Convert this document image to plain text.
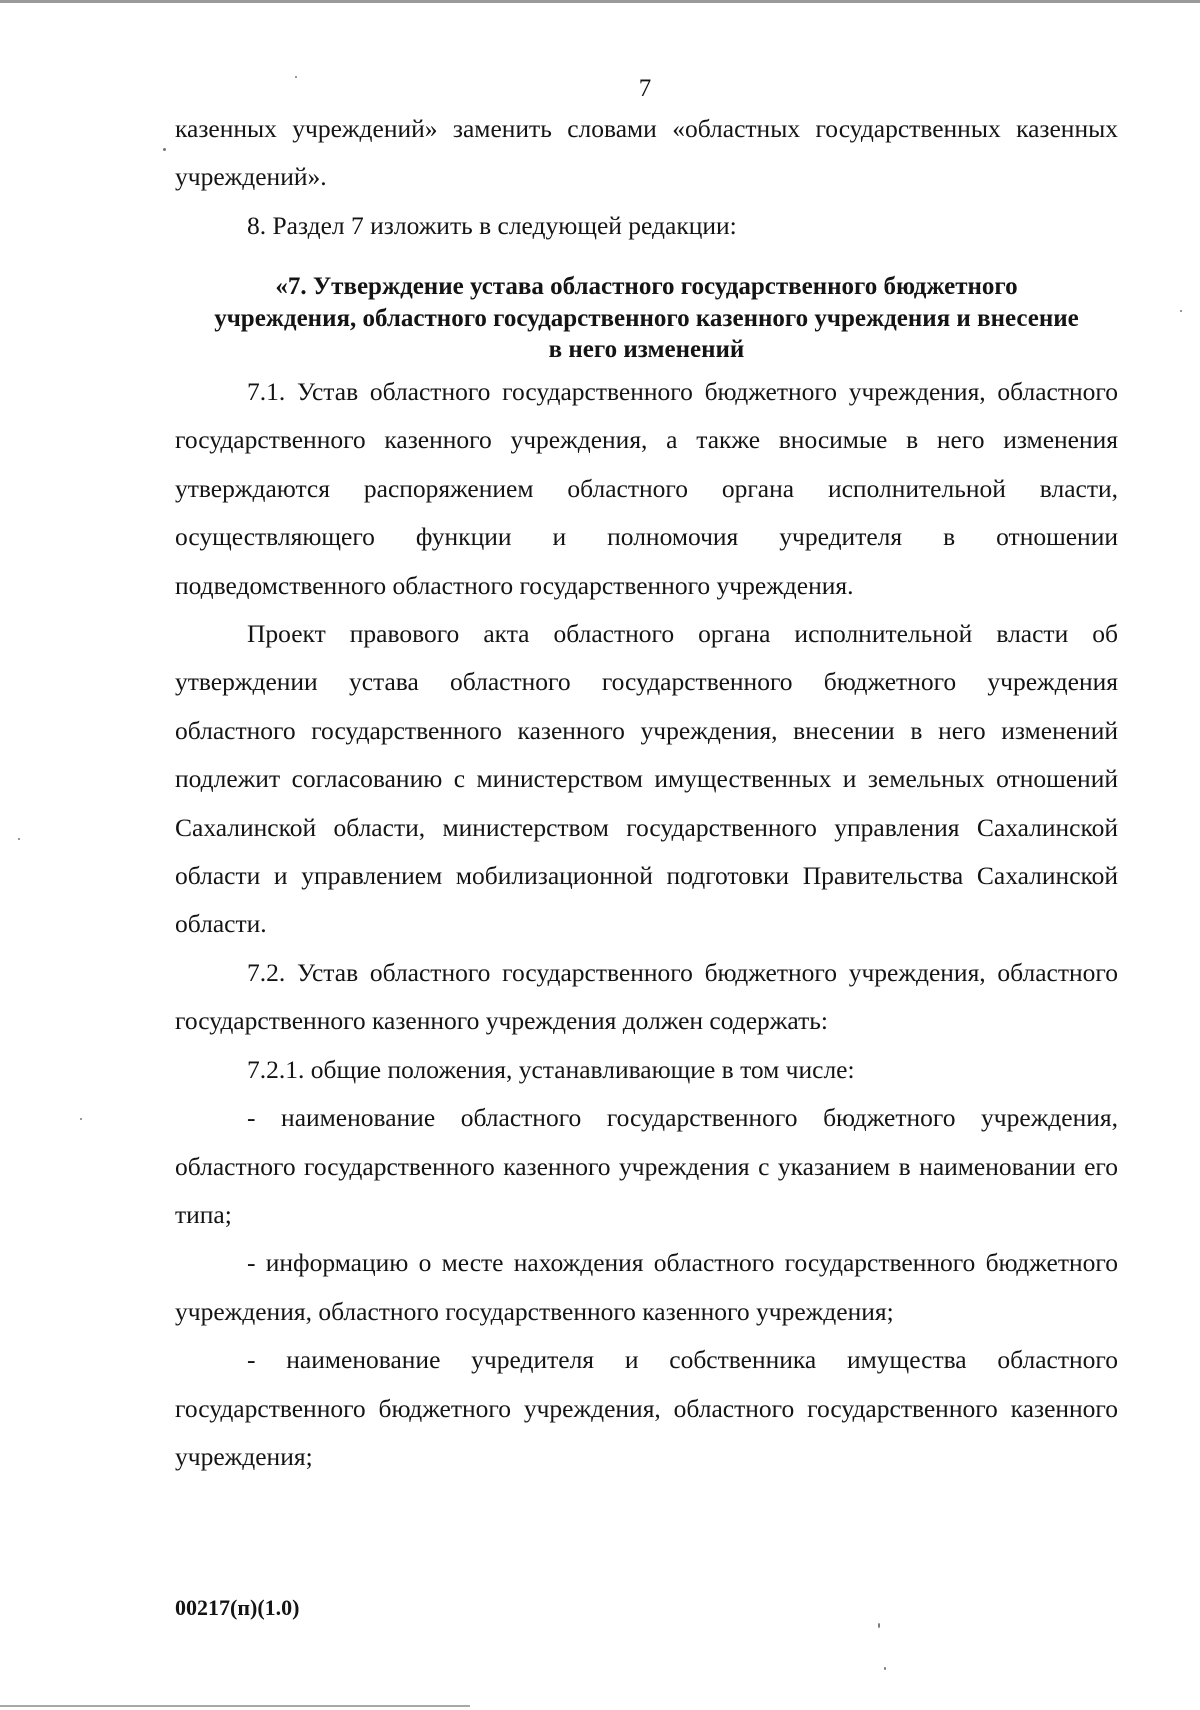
7

казенных учреждений» заменить словами «областных государственных казенных учреждений».

8. Раздел 7 изложить в следующей редакции:

«7. Утверждение устава областного государственного бюджетного учреждения, областного государственного казенного учреждения и внесение в него изменений

7.1. Устав областного государственного бюджетного учреждения, областного государственного казенного учреждения, а также вносимые в него изменения утверждаются распоряжением областного органа исполнительной власти, осуществляющего функции и полномочия учредителя в отношении подведомственного областного государственного учреждения.

Проект правового акта областного органа исполнительной власти об утверждении устава областного государственного бюджетного учреждения областного государственного казенного учреждения, внесении в него изменений подлежит согласованию с министерством имущественных и земельных отношений Сахалинской области, министерством государственного управления Сахалинской области и управлением мобилизационной подготовки Правительства Сахалинской области.

7.2. Устав областного государственного бюджетного учреждения, областного государственного казенного учреждения должен содержать:

7.2.1. общие положения, устанавливающие в том числе:

- наименование областного государственного бюджетного учреждения, областного государственного казенного учреждения с указанием в наименовании его типа;

- информацию о месте нахождения областного государственного бюджетного учреждения, областного государственного казенного учреждения;

- наименование учредителя и собственника имущества областного государственного бюджетного учреждения, областного государственного казенного учреждения;

00217(п)(1.0)
